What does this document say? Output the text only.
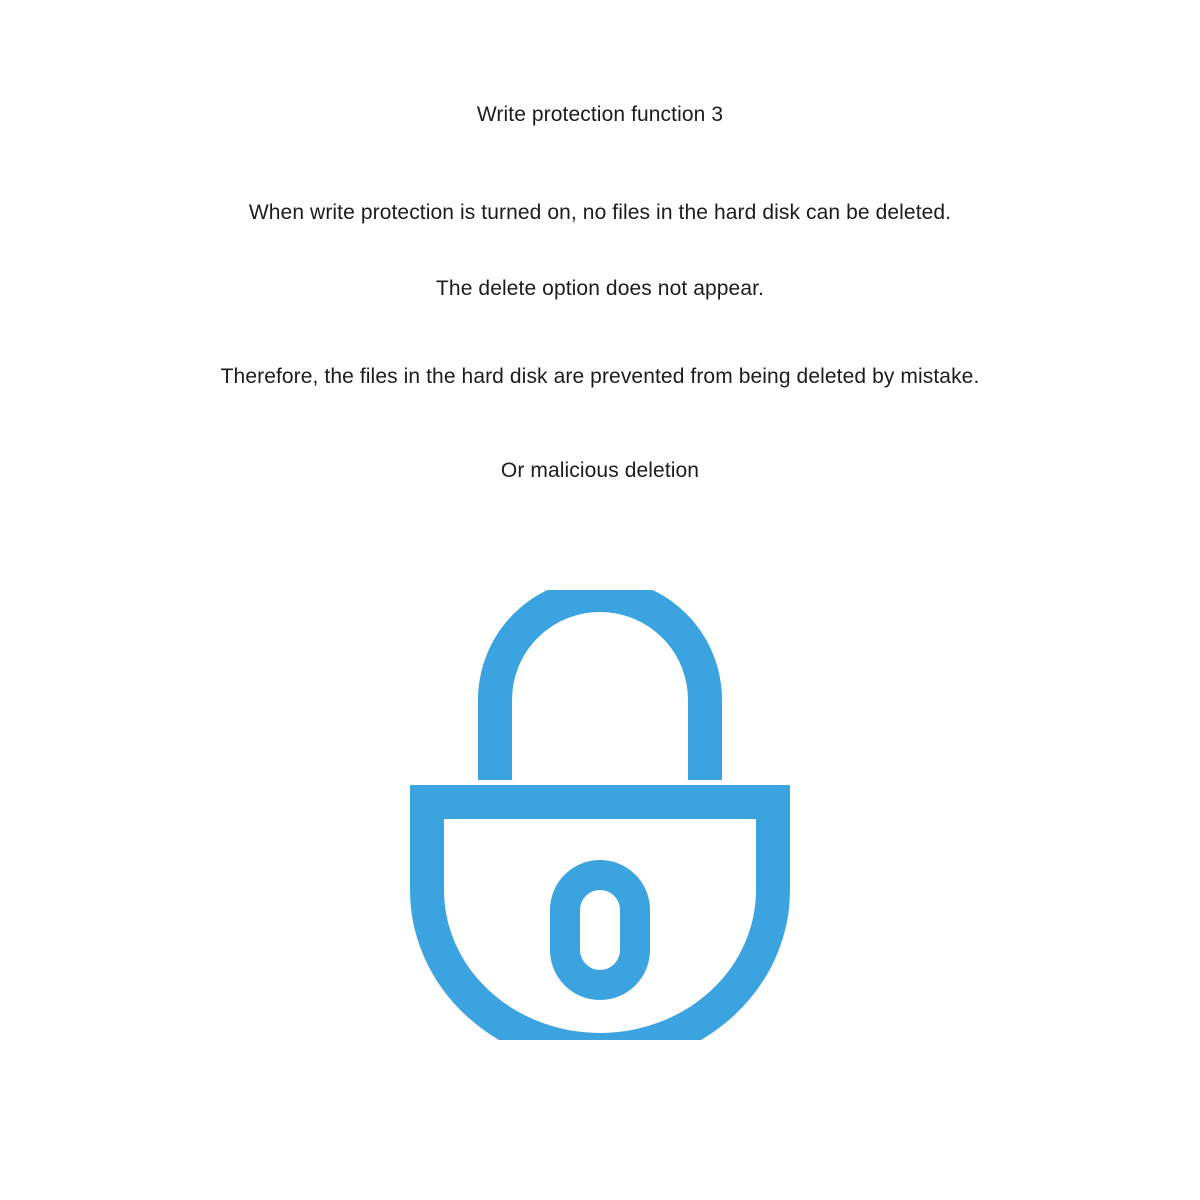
Write protection function 3
When write protection is turned on, no files in the hard disk can be deleted.
The delete option does not appear.
Therefore, the files in the hard disk are prevented from being deleted by mistake.
Or malicious deletion
